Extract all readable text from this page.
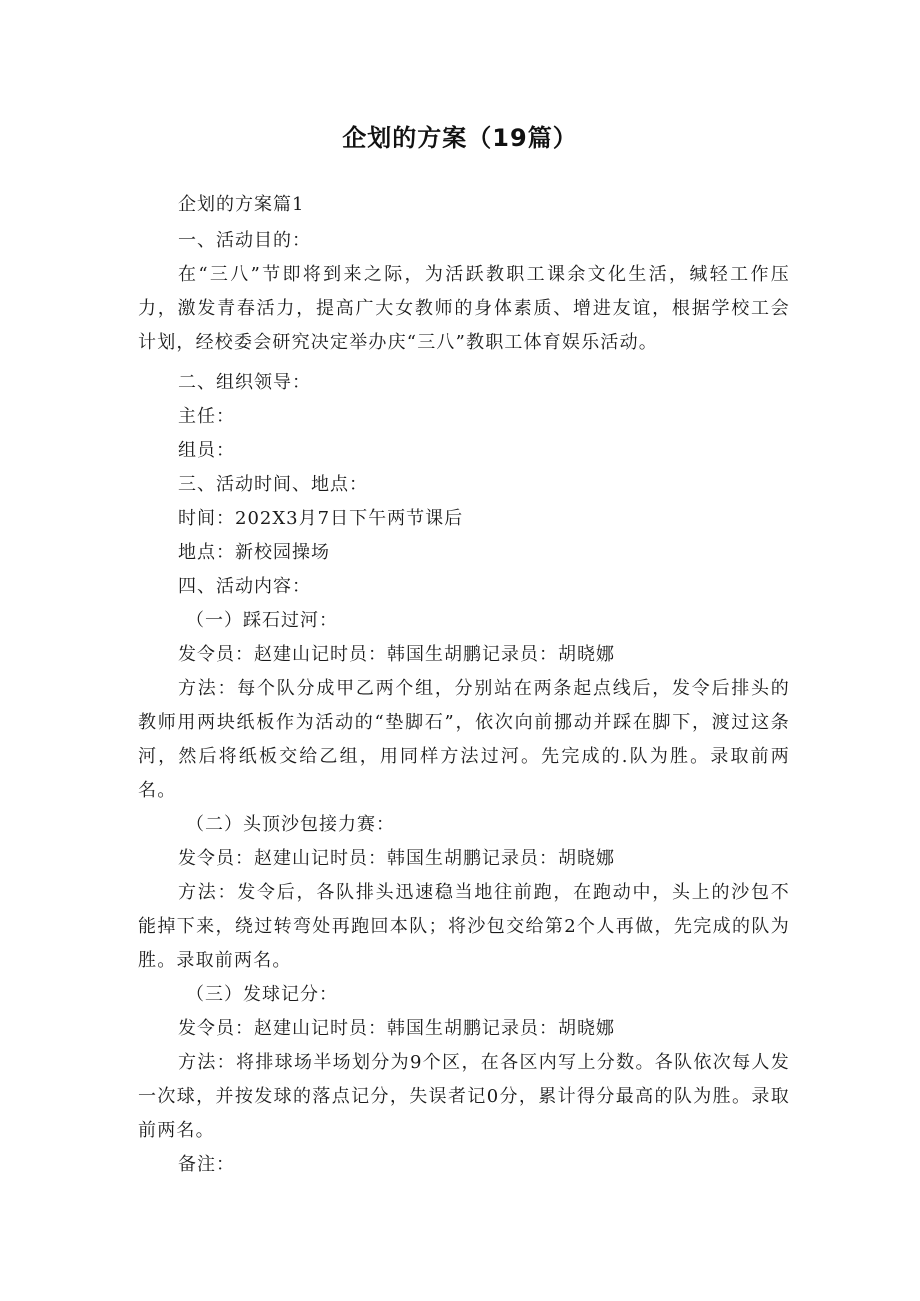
企划的方案（19篇）
企划的方案篇1
一、活动目的：
在“三八”节即将到来之际，为活跃教职工课余文化生活，缄轻工作压力，激发青春活力，提高广大女教师的身体素质、增进友谊，根据学校工会计划，经校委会研究决定举办庆“三八”教职工体育娱乐活动。
二、组织领导：
主任：
组员：
三、活动时间、地点：
时间：202X3月7日下午两节课后
地点：新校园操场
四、活动内容：
（一）踩石过河：
发令员：赵建山记时员：韩国生胡鹏记录员：胡晓娜
方法：每个队分成甲乙两个组，分别站在两条起点线后，发令后排头的教师用两块纸板作为活动的“垫脚石”，依次向前挪动并踩在脚下，渡过这条河，然后将纸板交给乙组，用同样方法过河。先完成的.队为胜。录取前两名。
（二）头顶沙包接力赛：
发令员：赵建山记时员：韩国生胡鹏记录员：胡晓娜
方法：发令后，各队排头迅速稳当地往前跑，在跑动中，头上的沙包不能掉下来，绕过转弯处再跑回本队；将沙包交给第2个人再做，先完成的队为胜。录取前两名。
（三）发球记分：
发令员：赵建山记时员：韩国生胡鹏记录员：胡晓娜
方法：将排球场半场划分为9个区，在各区内写上分数。各队依次每人发一次球，并按发球的落点记分，失误者记0分，累计得分最高的队为胜。录取前两名。
备注：
